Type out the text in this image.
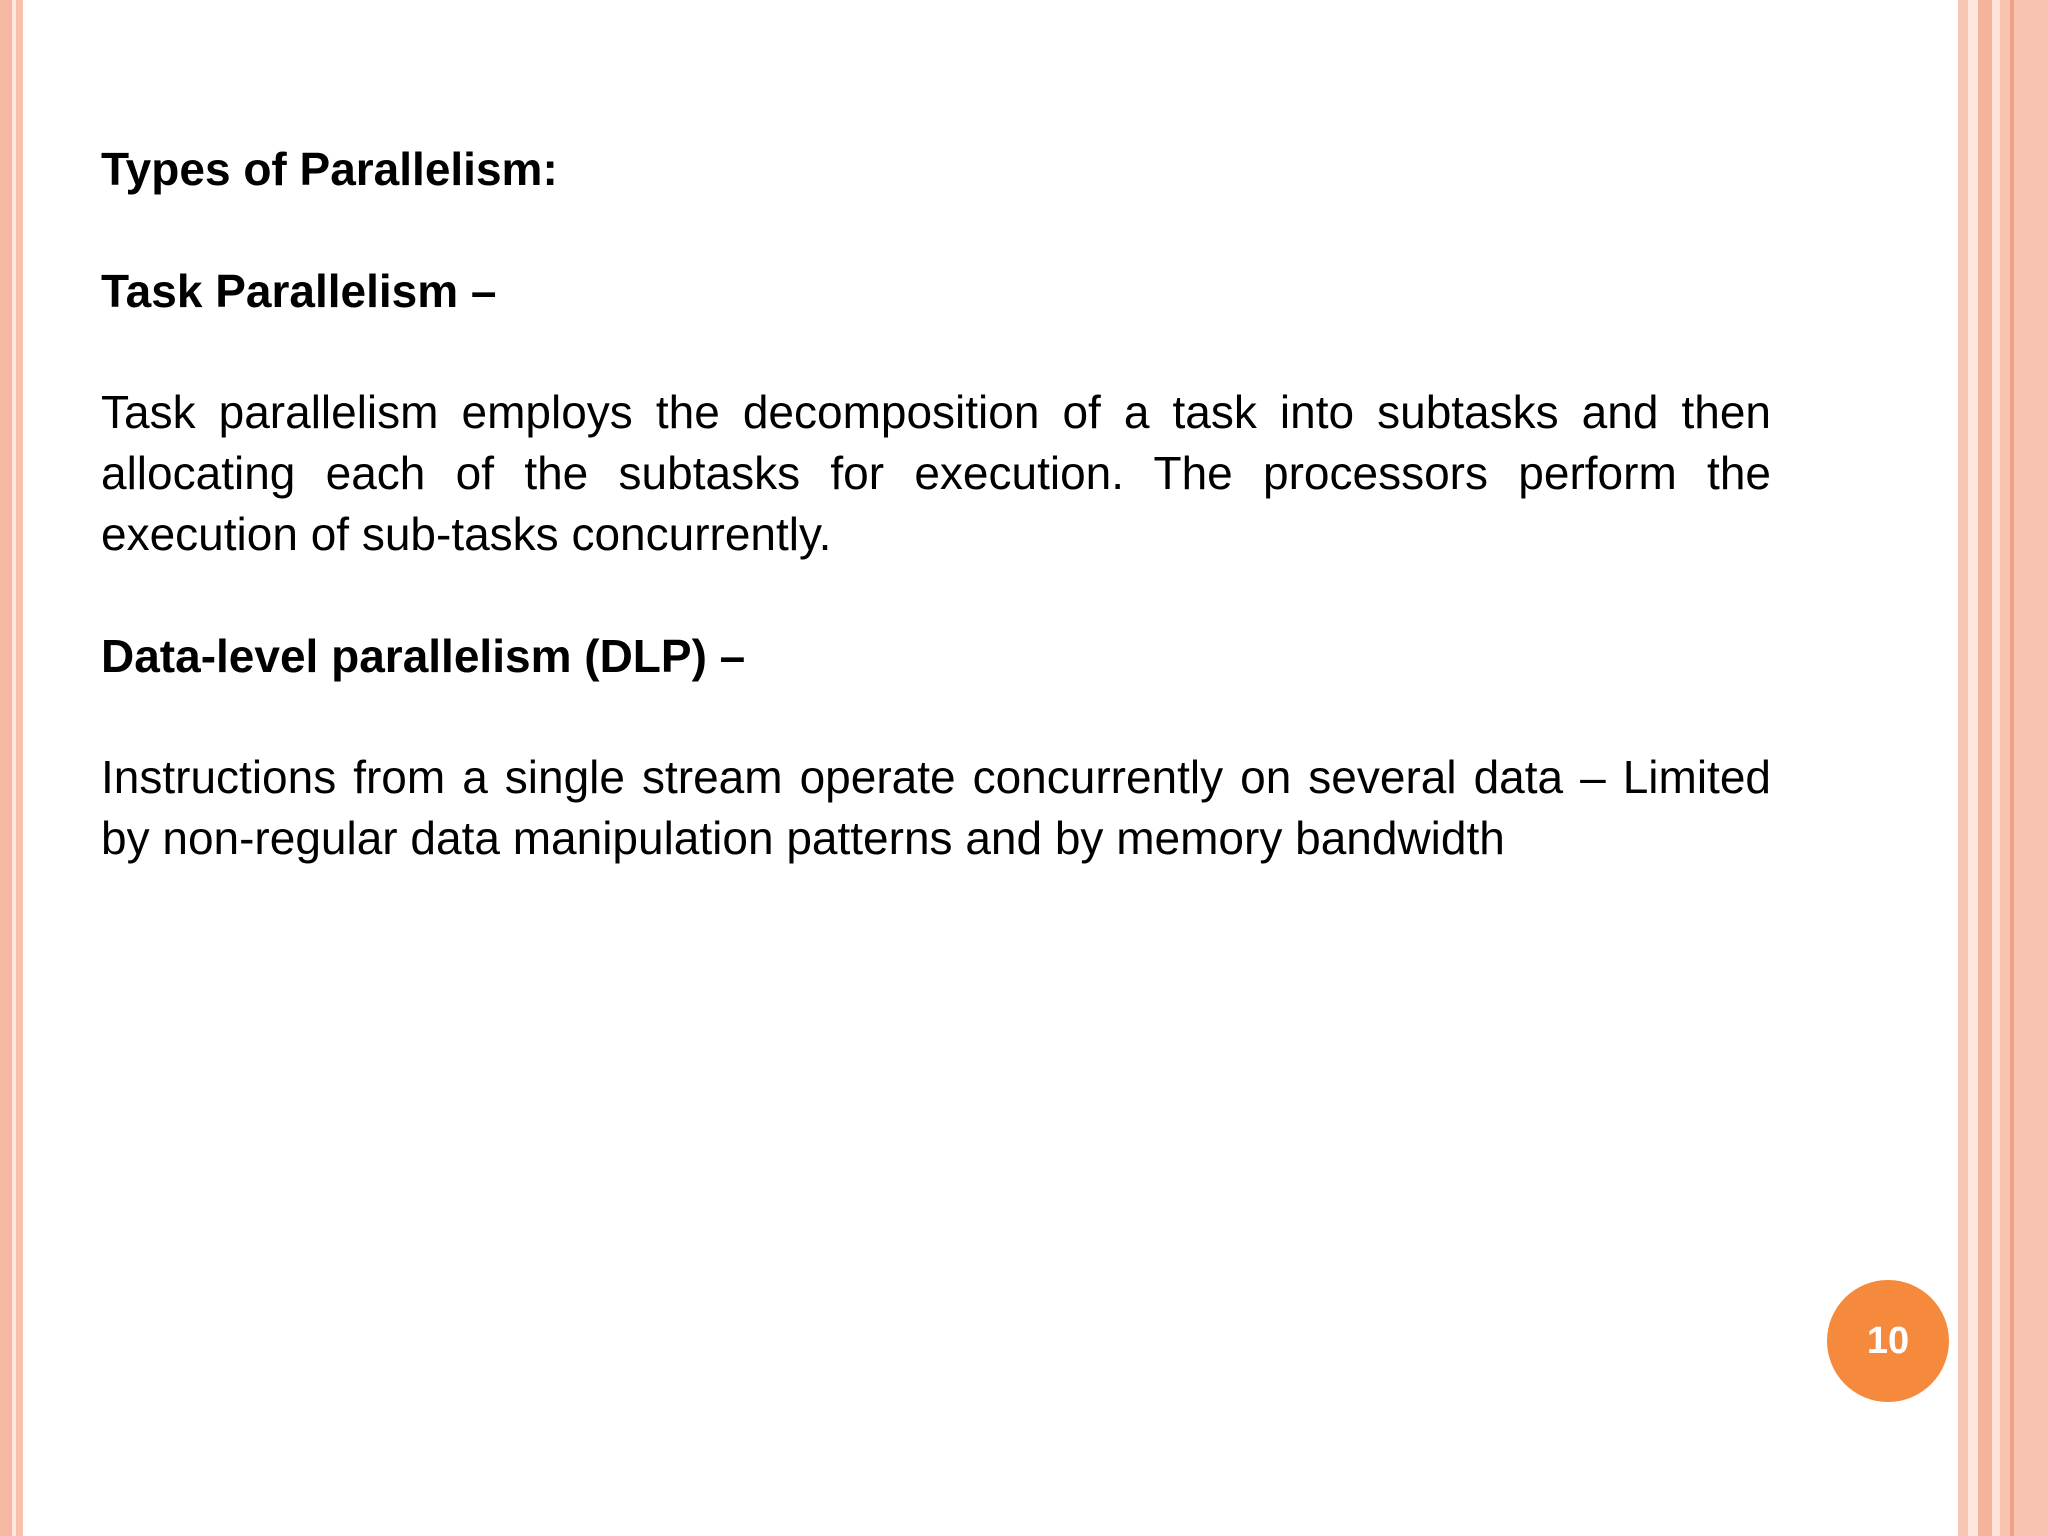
Types of Parallelism:

Task Parallelism –

Task parallelism employs the decomposition of a task into subtasks and then allocating each of the subtasks for execution. The processors perform the execution of sub-tasks concurrently.

Data-level parallelism (DLP) –

Instructions from a single stream operate concurrently on several data – Limited by non-regular data manipulation patterns and by memory bandwidth

10
